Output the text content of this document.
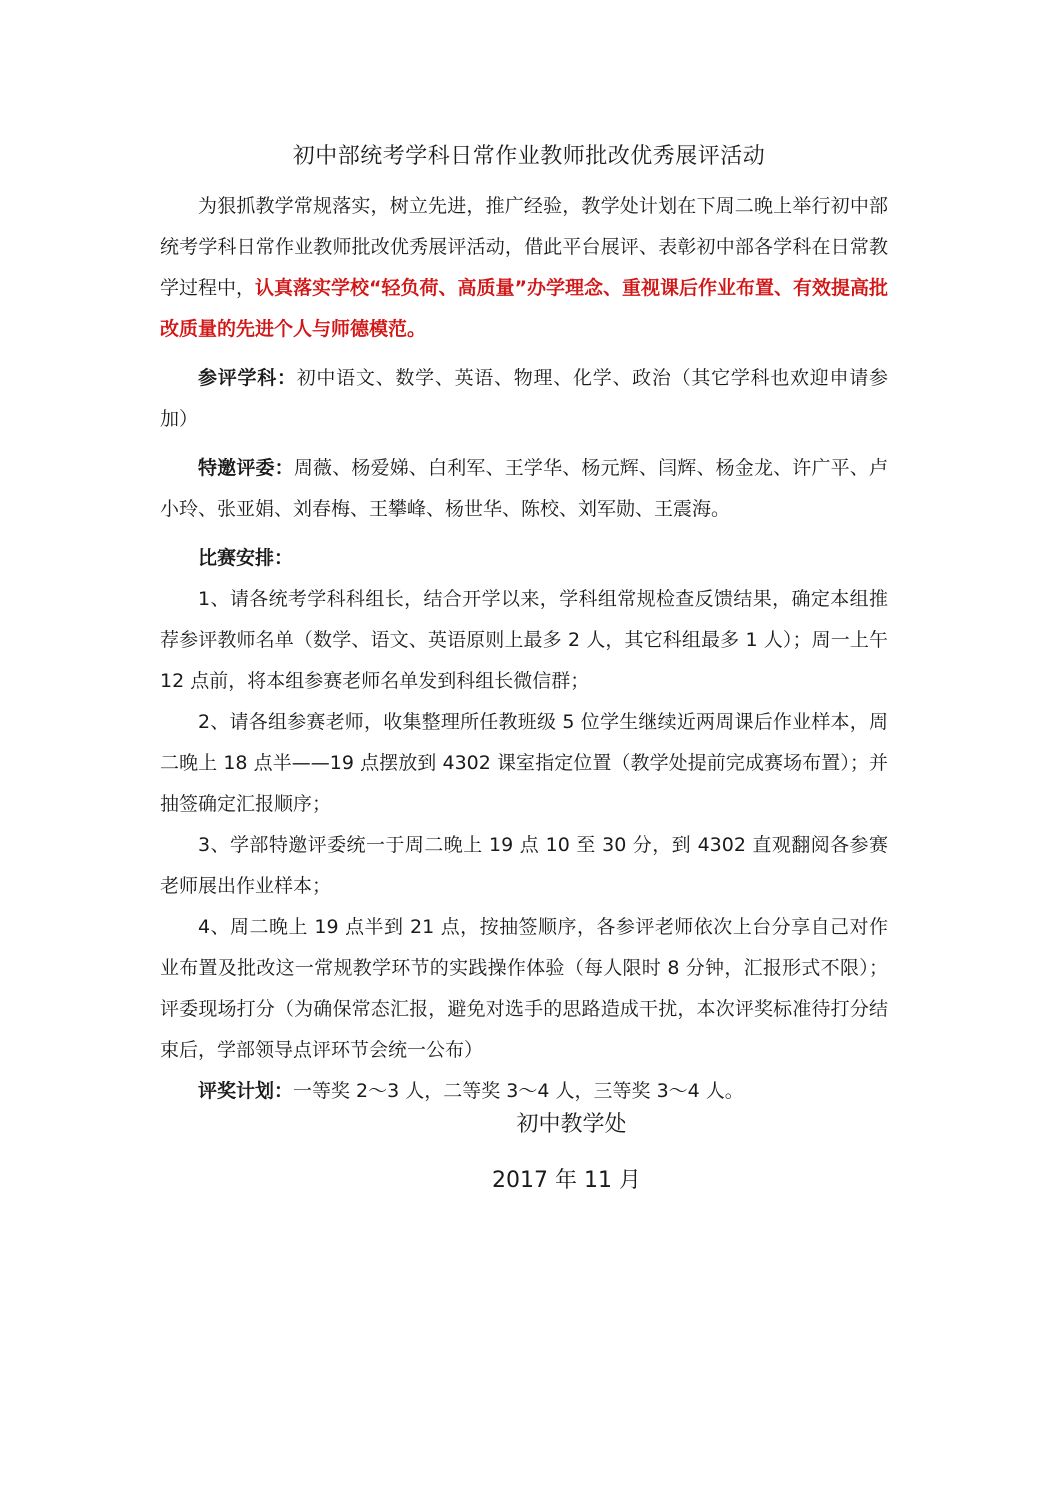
初中部统考学科日常作业教师批改优秀展评活动

为狠抓教学常规落实，树立先进，推广经验，教学处计划在下周二晚上举行初中部统考学科日常作业教师批改优秀展评活动，借此平台展评、表彰初中部各学科在日常教学过程中，认真落实学校“轻负荷、高质量”办学理念、重视课后作业布置、有效提高批改质量的先进个人与师德模范。

参评学科：初中语文、数学、英语、物理、化学、政治（其它学科也欢迎申请参加）

特邀评委：周薇、杨爱娣、白利军、王学华、杨元辉、闫辉、杨金龙、许广平、卢小玲、张亚娟、刘春梅、王攀峰、杨世华、陈校、刘军勋、王震海。

比赛安排：

1、请各统考学科科组长，结合开学以来，学科组常规检查反馈结果，确定本组推荐参评教师名单（数学、语文、英语原则上最多 2 人，其它科组最多 1 人）；周一上午 12 点前，将本组参赛老师名单发到科组长微信群；

2、请各组参赛老师，收集整理所任教班级 5 位学生继续近两周课后作业样本，周二晚上 18 点半——19 点摆放到 4302 课室指定位置（教学处提前完成赛场布置）；并抽签确定汇报顺序；

3、学部特邀评委统一于周二晚上 19 点 10 至 30 分，到 4302 直观翻阅各参赛老师展出作业样本；

4、周二晚上 19 点半到 21 点，按抽签顺序，各参评老师依次上台分享自己对作业布置及批改这一常规教学环节的实践操作体验（每人限时 8 分钟，汇报形式不限）；评委现场打分（为确保常态汇报，避免对选手的思路造成干扰，本次评奖标准待打分结束后，学部领导点评环节会统一公布）

评奖计划：一等奖 2～3 人，二等奖 3～4 人，三等奖 3～4 人。

初中教学处

2017 年 11 月
